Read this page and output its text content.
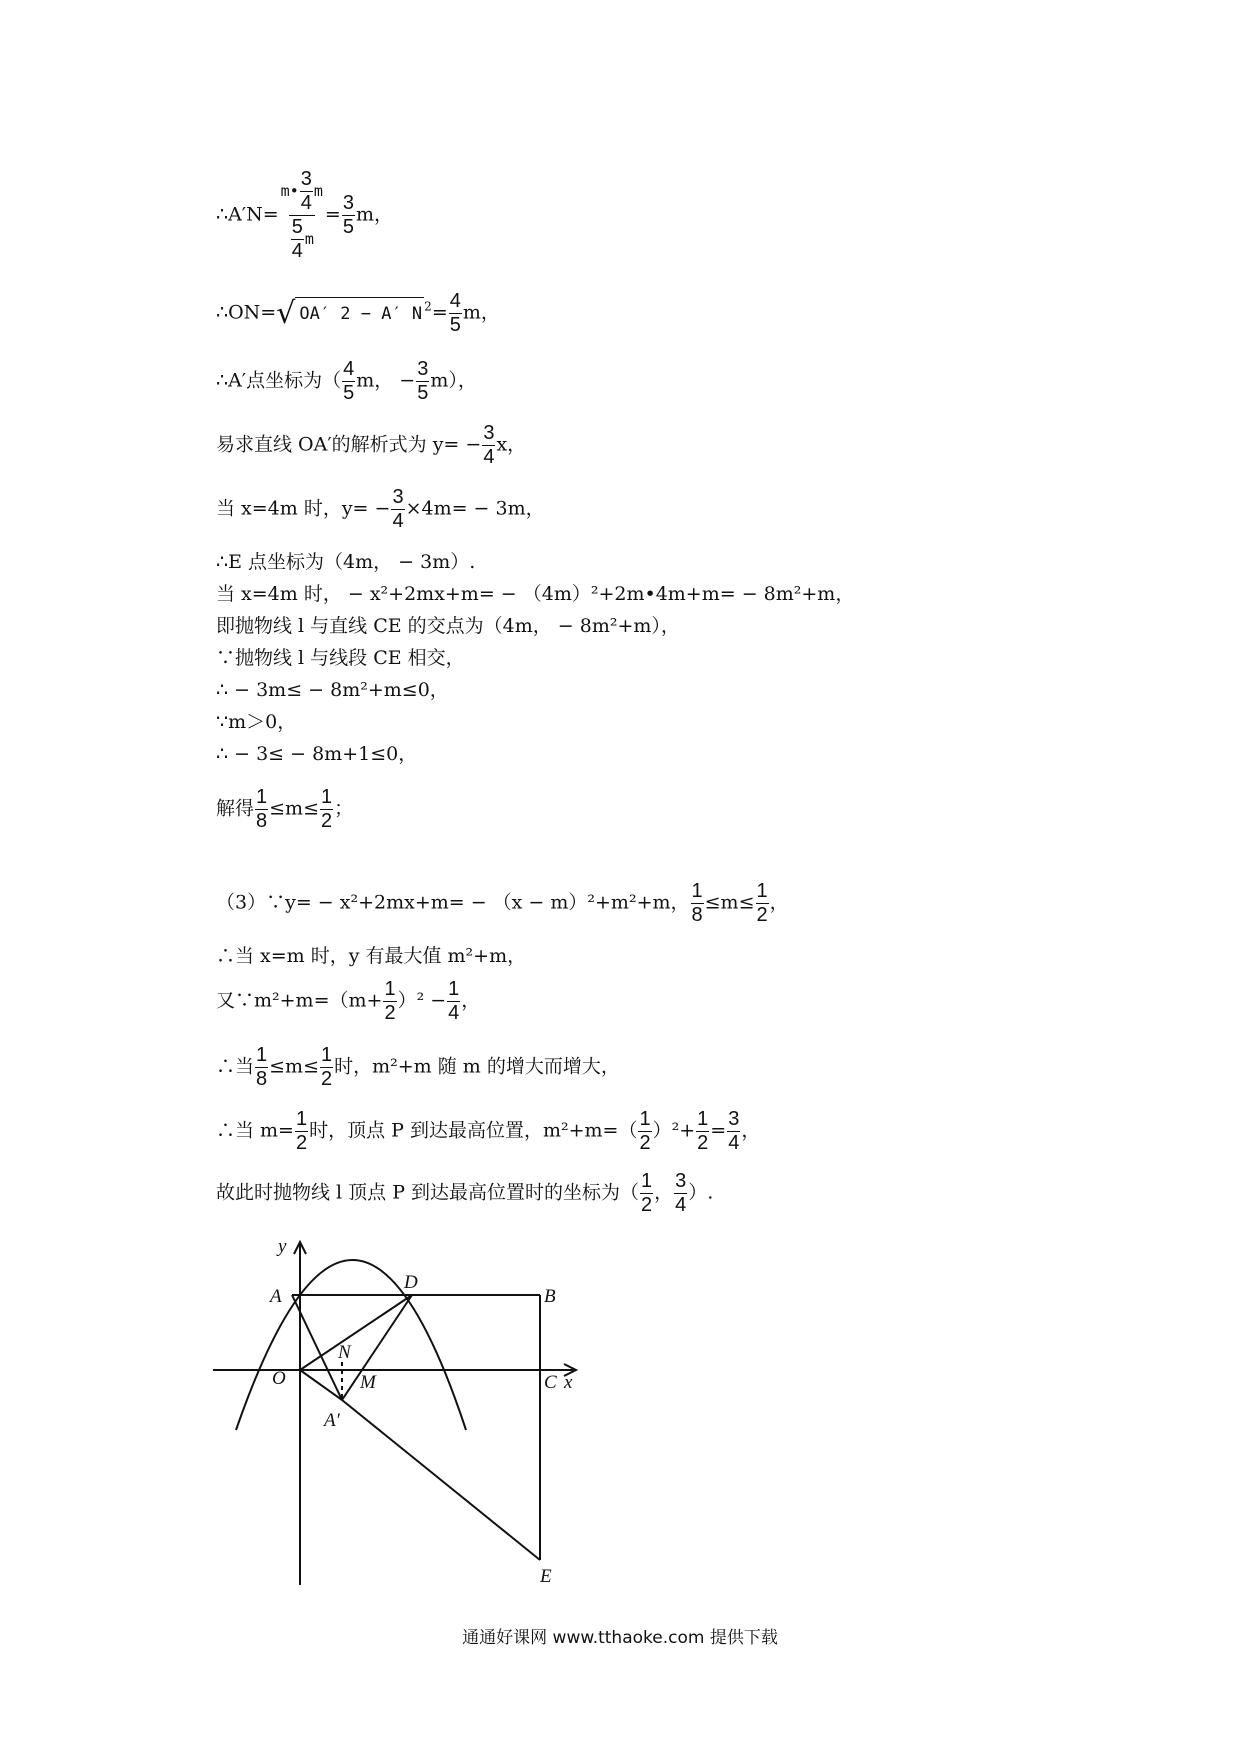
∴A′N= $\frac{m• \frac{3}{4} m}{\frac{5}{4} m} = \frac{3}{5}$ m，
∴ON= √ OA′ 2 − A′ N $^2= \frac{4}{5}$ m，
∴A′点坐标为（ $\frac{4}{5}$ m， − $\frac{3}{5} m$），
易求直线 OA′的解析式为 $y= - \frac{3}{4}$ x，
当 x=4m 时，$y= - \frac{3}{4} \times 4m= - 3m$，
∴E 点坐标为（4m， − 3m）.
当 x=4m 时， − x²+2mx+m= − （4m）²+2m•4m+m= − 8m²+m，
即抛物线 l 与直线 CE 的交点为（4m， − 8m²+m），
∵抛物线 l 与线段 CE 相交，
∴ − 3m≤ − 8m²+m≤0，
∵m＞0，
∴ − 3≤ − 8m+1≤0，
解得 $\frac{1}{8} \le m\le \frac{1}{2}$ ；
（3）∵y= − x²+2mx+m= − （x − m）²+m²+m， $\frac{1}{8} \le m\le \frac{1}{2}$ ，
∴当 x=m 时，y 有最大值 m²+m，
又∵m²+m=（m+ $\frac{1}{2} )^2 - \frac{1}{4}$ ，
∴当 $\frac{1}{8} \le m\le \frac{1}{2}$ 时，m²+m 随 m 的增大而增大，
∴当 $m= \frac{1}{2}$ 时，顶点 P 到达最高位置，$m^2+m=( \frac{1}{2} )^2+ \frac{1}{2} = \frac{3}{4}$ ，
故此时抛物线 l 顶点 P 到达最高位置时的坐标为（ $\frac{1}{2}$ ， $\frac{3}{4}$ ）.
y
A
D
B
O
N
M	C x
A′
E
通通好课网 www.tthaoke.com 提供下载
